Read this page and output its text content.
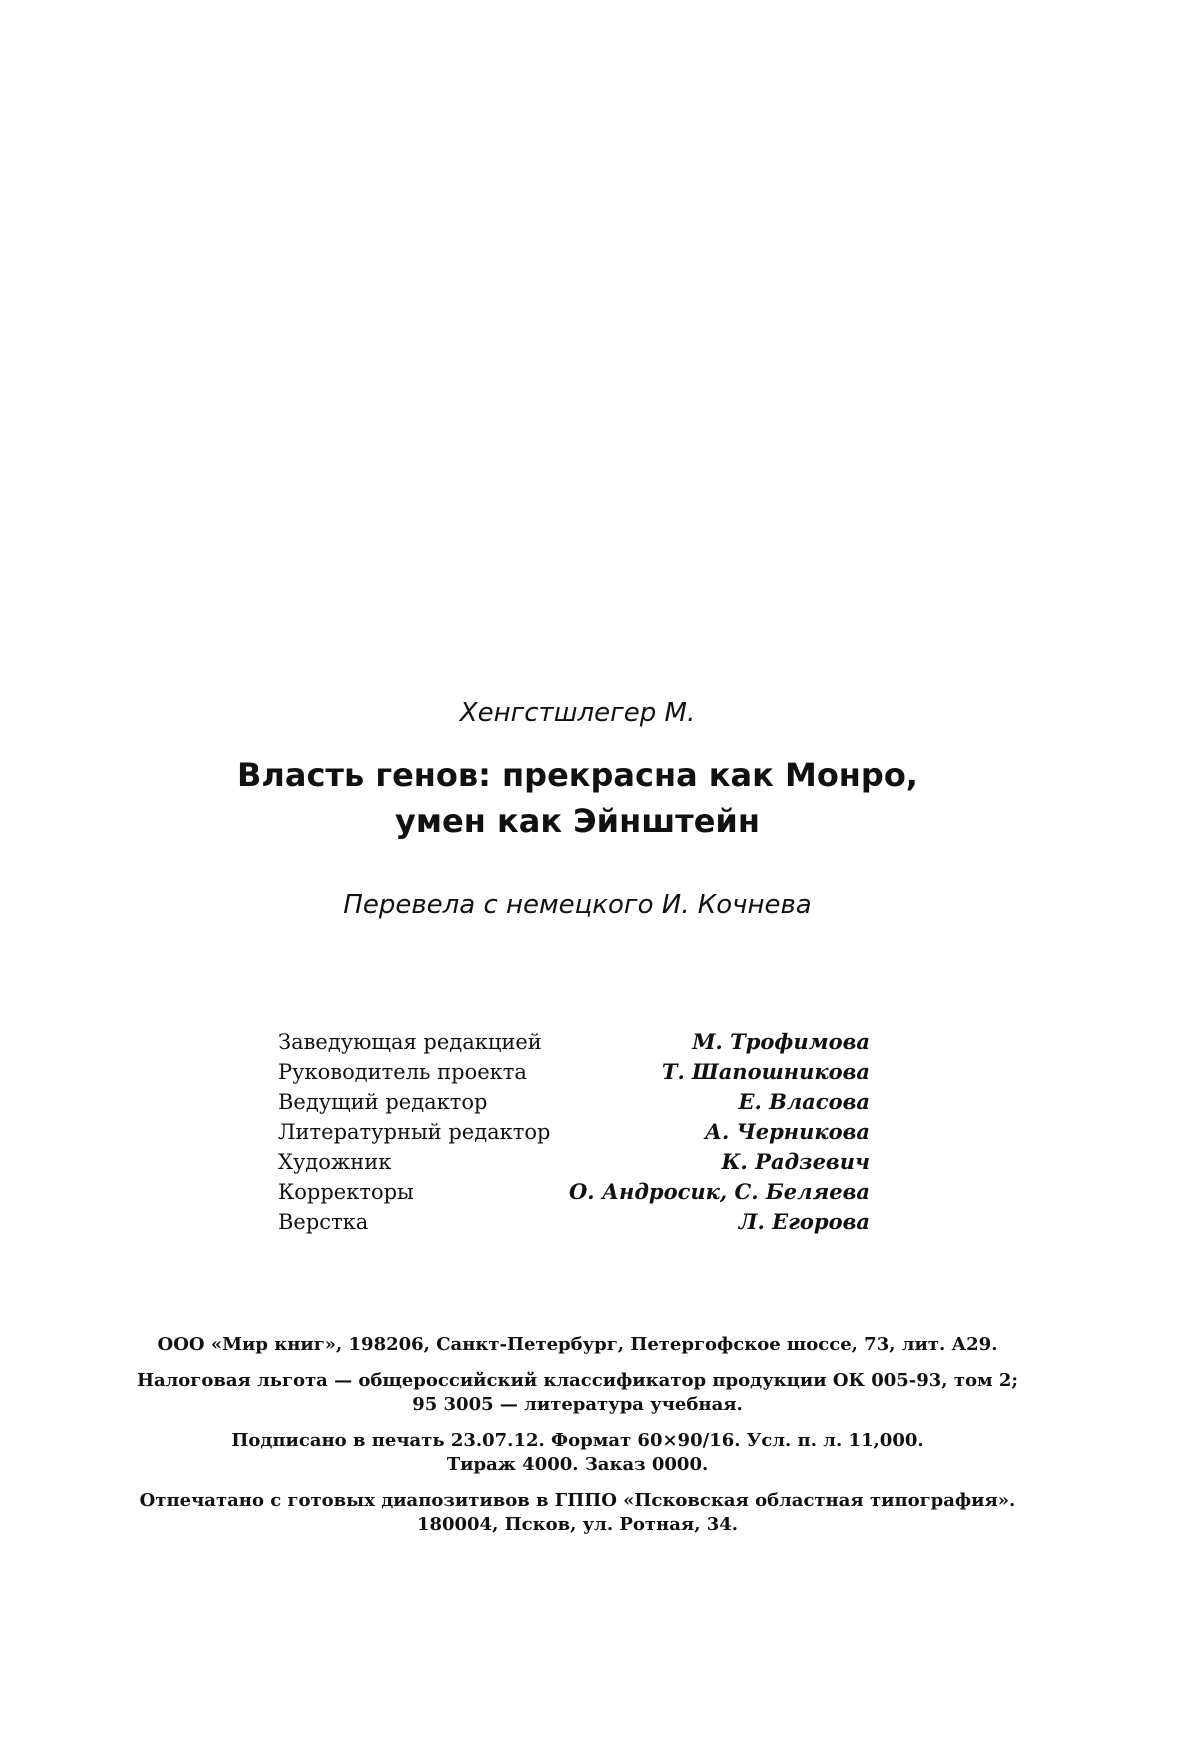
Хенгстшлегер М.
Власть генов: прекрасна как Монро,
умен как Эйнштейн
Перевела с немецкого И. Кочнева
Заведующая редакцией	М. Трофимова
Руководитель проекта	Т. Шапошникова
Ведущий редактор	Е. Власова
Литературный редактор	А. Черникова
Художник	К. Радзевич
Корректоры	О. Андросик, С. Беляева
Верстка	Л. Егорова

ООО «Мир книг», 198206, Санкт-Петербург, Петергофское шоссе, 73, лит. А29.

Налоговая льгота — общероссийский классификатор продукции ОК 005-93, том 2;
95 3005 — литература учебная.

Подписано в печать 23.07.12. Формат 60×90/16. Усл. п. л. 11,000.
Тираж 4000. Заказ 0000.

Отпечатано с готовых диапозитивов в ГППО «Псковская областная типография».
180004, Псков, ул. Ротная, 34.
